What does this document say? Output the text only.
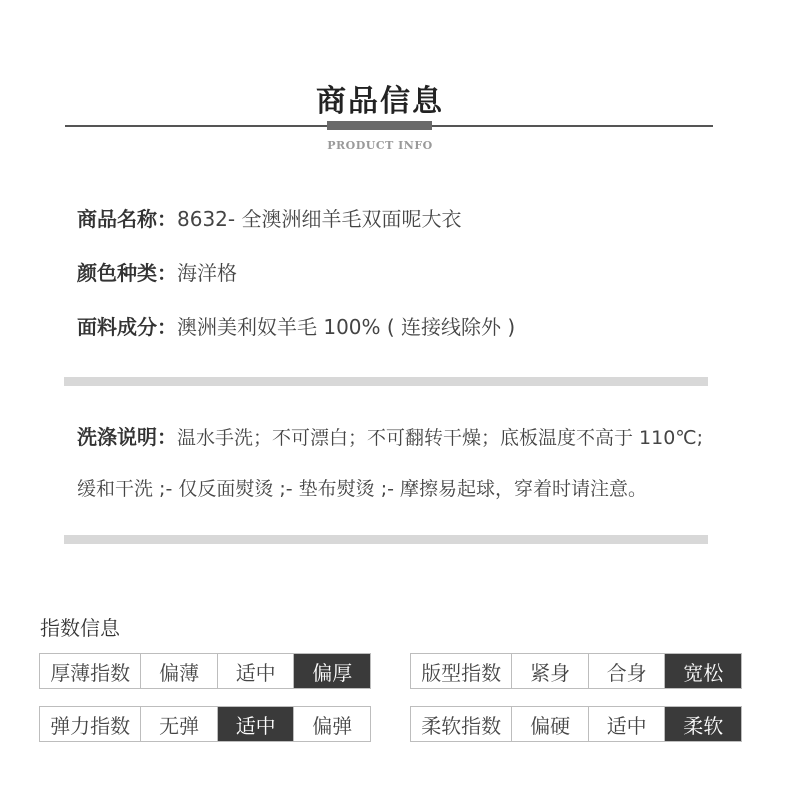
商品信息
PRODUCT INFO
商品名称：8632- 全澳洲细羊毛双面呢大衣
颜色种类：海洋格
面料成分：澳洲美利奴羊毛 100% ( 连接线除外 )
洗涤说明：温水手洗；不可漂白；不可翻转干燥；底板温度不高于 110℃;
缓和干洗 ;- 仅反面熨烫 ;- 垫布熨烫 ;- 摩擦易起球，穿着时请注意。
指数信息
厚薄指数	偏薄	适中	偏厚	版型指数	紧身	合身	宽松
弹力指数	无弹	适中	偏弹	柔软指数	偏硬	适中	柔软
